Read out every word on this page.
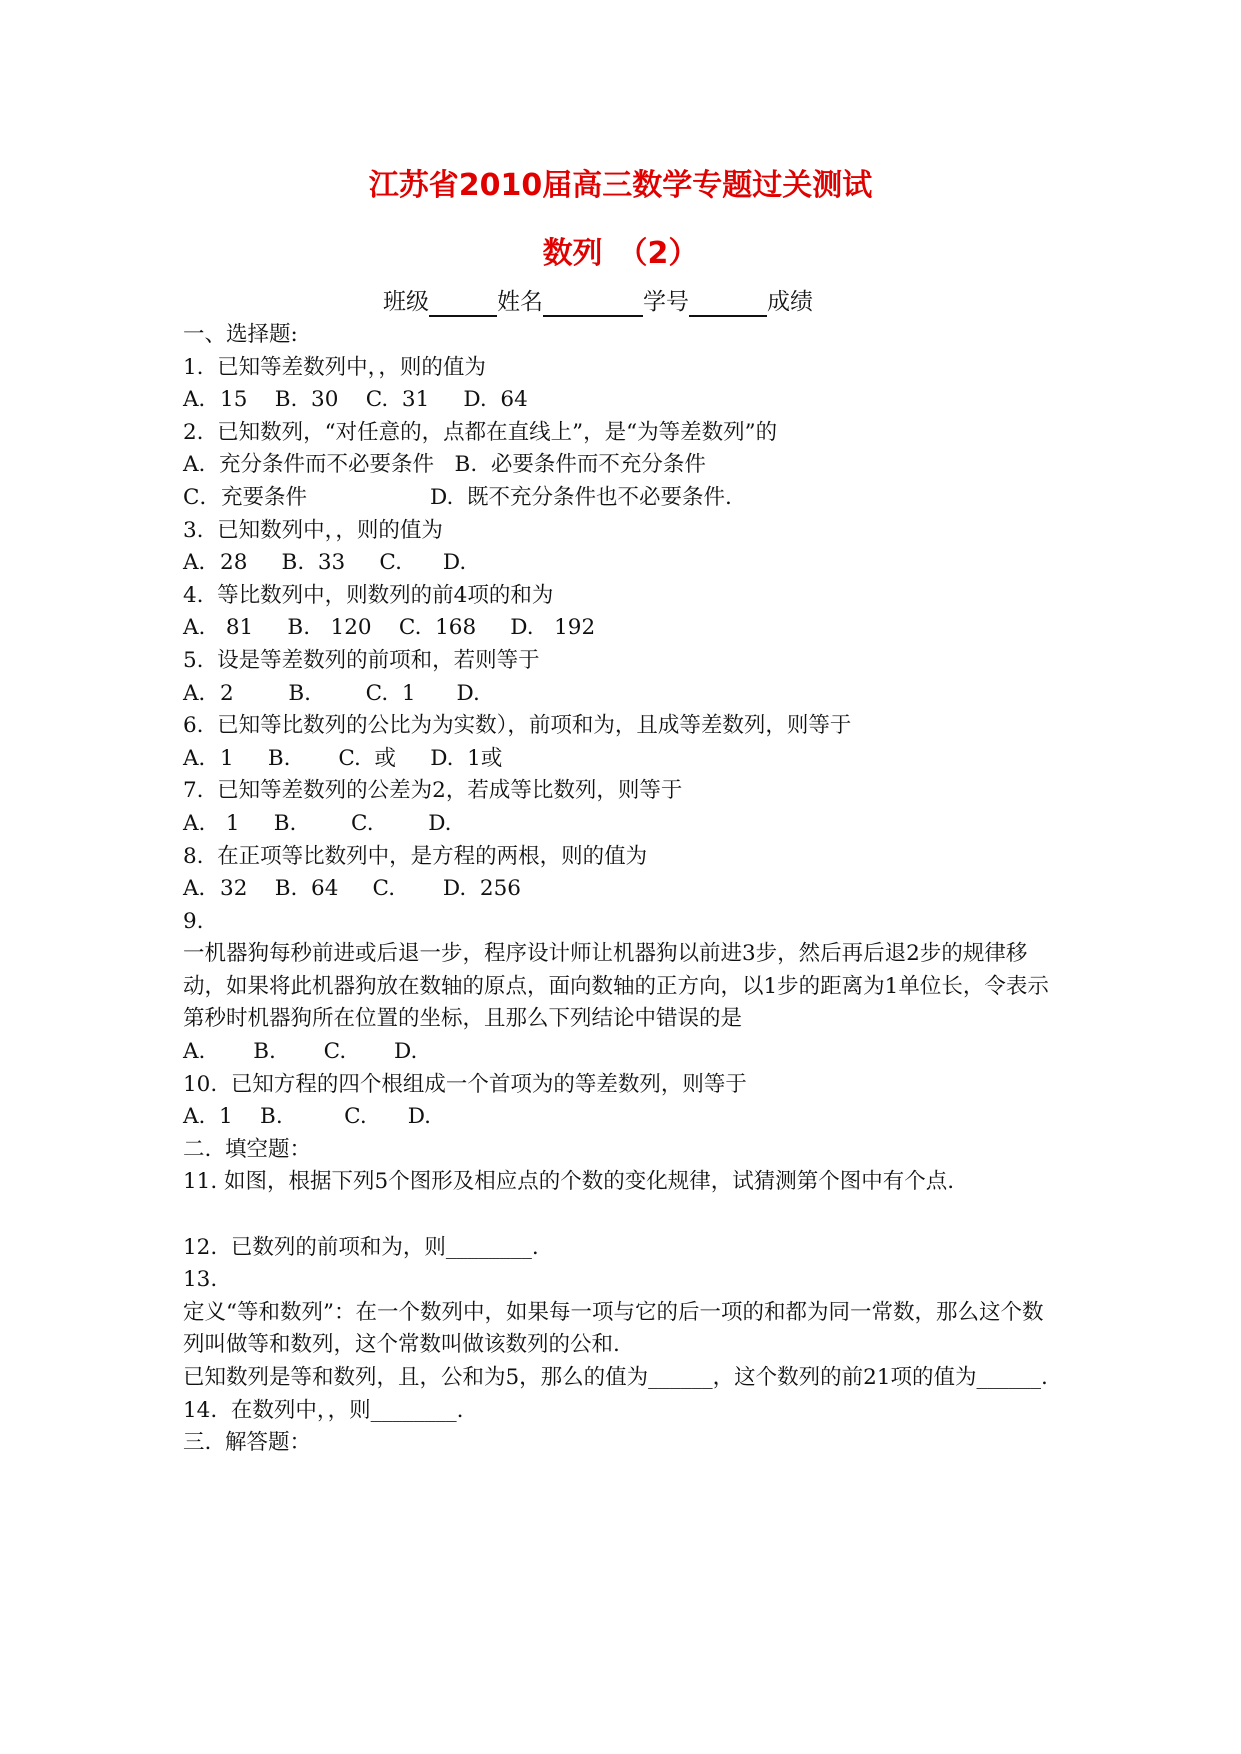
江苏省2010届高三数学专题过关测试
数列　（2）
班级	姓名	学号	成绩
一、选择题:
1.  已知等差数列中，，则的值为
A．15    B.  30    C.  31     D.  64
2.  已知数列，“对任意的，点都在直线上”，是“为等差数列”的
A.  充分条件而不必要条件   B.  必要条件而不充分条件
C．充要条件                  D.  既不充分条件也不必要条件.
3.  已知数列中，，则的值为
A．28     B.  33     C.      D.
4.  等比数列中，则数列的前4项的和为
A.   81     B.   120    C.  168     D.   192
5.  设是等差数列的前项和，若则等于
A．2        B.        C.  1      D.
6.  已知等比数列的公比为为实数），前项和为，且成等差数列，则等于
A．1     B.       C.  或     D.  1或
7.  已知等差数列的公差为2，若成等比数列，则等于
A.   1     B.        C.        D.
8.  在正项等比数列中，是方程的两根，则的值为
A．32    B.  64     C.       D.  256
9.
一机器狗每秒前进或后退一步，程序设计师让机器狗以前进3步，然后再后退2步的规律移动，如果将此机器狗放在数轴的原点，面向数轴的正方向，以1步的距离为1单位长，令表示第秒时机器狗所在位置的坐标，且那么下列结论中错误的是
A.       B.       C.       D.
10.  已知方程的四个根组成一个首项为的等差数列，则等于
A.  1    B.         C.      D.
二.  填空题：
11. 如图，根据下列5个图形及相应点的个数的变化规律，试猜测第个图中有个点.
12.  已数列的前项和为，则________.
13.
定义“等和数列”：在一个数列中，如果每一项与它的后一项的和都为同一常数，那么这个数列叫做等和数列，这个常数叫做该数列的公和.
已知数列是等和数列，且，公和为5，那么的值为______，这个数列的前21项的值为______.
14.  在数列中，，则________.
三.  解答题：
